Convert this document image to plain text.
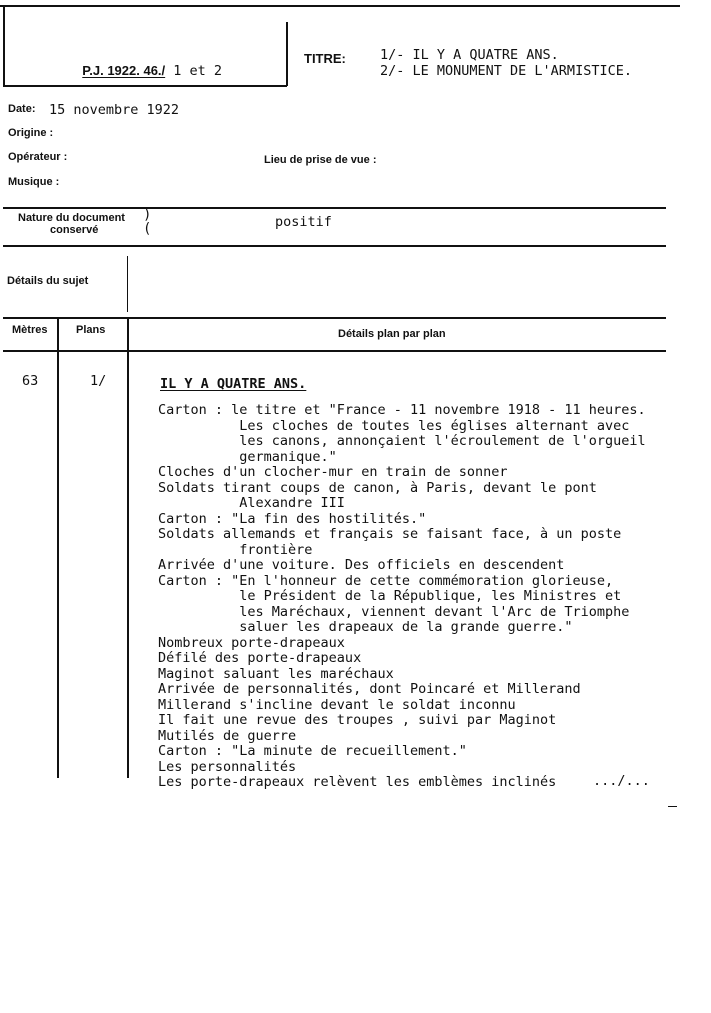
P.J. 1922. 46./ 1 et 2

TITRE:	1/- IL Y A QUATRE ANS.
2/- LE MONUMENT DE L'ARMISTICE.
Date: 15 novembre 1922
Origine :
Opérateur :	Lieu de prise de vue :
Musique :
Nature du document
conservé
)
(	positif
Détails du sujet
Mètres	Plans	Détails plan par plan
63	1/	IL Y A QUATRE ANS.
Carton : le titre et "France - 11 novembre 1918 - 11 heures.
Les cloches de toutes les églises alternant avec
les canons, annonçaient l'écroulement de l'orgueil
germanique."
Cloches d'un clocher-mur en train de sonner
Soldats tirant coups de canon, à Paris, devant le pont
Alexandre III
Carton : "La fin des hostilités."
Soldats allemands et français se faisant face, à un poste
frontière
Arrivée d'une voiture. Des officiels en descendent
Carton : "En l'honneur de cette commémoration glorieuse,
le Président de la République, les Ministres et
les Maréchaux, viennent devant l'Arc de Triomphe
saluer les drapeaux de la grande guerre."
Nombreux porte-drapeaux
Défilé des porte-drapeaux
Maginot saluant les maréchaux
Arrivée de personnalités, dont Poincaré et Millerand
Millerand s'incline devant le soldat inconnu
Il fait une revue des troupes , suivi par Maginot
Mutilés de guerre
Carton : "La minute de recueillement."
Les personnalités
Les porte-drapeaux relèvent les emblèmes inclinés	.../...
